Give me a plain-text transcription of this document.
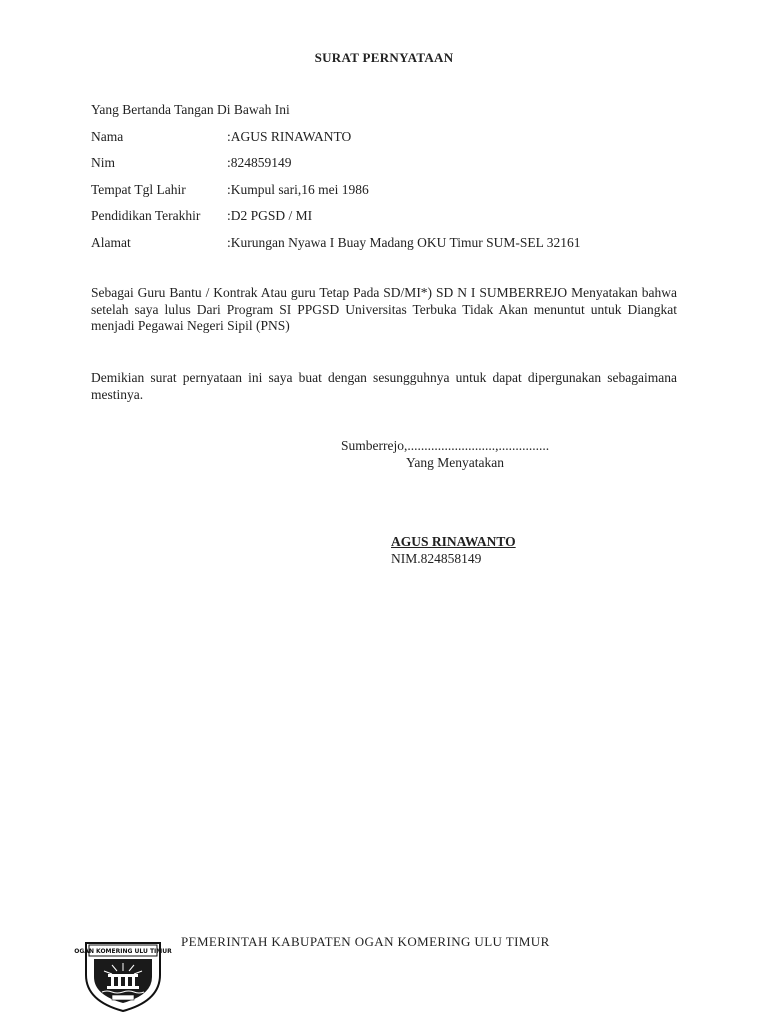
SURAT PERNYATAAN
Yang Bertanda Tangan Di Bawah Ini
Nama	:AGUS RINAWANTO
Nim	:824859149
Tempat Tgl Lahir	:Kumpul sari,16 mei 1986
Pendidikan Terakhir :D2 PGSD / MI
Alamat	:Kurungan Nyawa I Buay Madang OKU Timur SUM-SEL 32161
Sebagai Guru Bantu / Kontrak Atau guru Tetap Pada SD/MI*) SD N I SUMBERREJO Menyatakan bahwa setelah saya lulus Dari Program SI PPGSD Universitas Terbuka Tidak Akan menuntut untuk Diangkat menjadi Pegawai Negeri Sipil (PNS)
Demikian surat pernyataan ini saya buat dengan sesungguhnya untuk dapat dipergunakan sebagaimana mestinya.
Sumberrejo,..........................,...............
Yang Menyatakan
AGUS RINAWANTO
NIM.824858149
OGAN KOMERING ULU TIMUR
PEMERINTAH KABUPATEN OGAN KOMERING ULU TIMUR
